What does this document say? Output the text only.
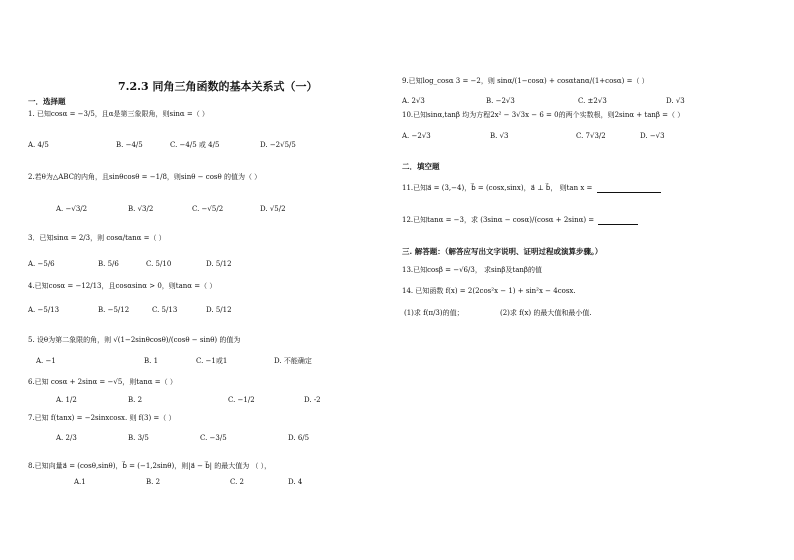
7.2.3 同角三角函数的基本关系式（一）
一．选择题
1. 已知cosα = −3/5，且α是第三象限角，则sinα =（ ）
A. 4/5	B. −4/5	C. −4/5 或 4/5	D. −2√5/5
2.若θ为△ABC的内角，且sinθcosθ = −1/8，则sinθ − cosθ 的值为（ ）
A. −√3/2	B. √3/2	C. −√5/2	D. √5/2
3．已知sinα = 2/3，则 cosα/tanα =（ ）
A. −5/6	B. 5/6	C. 5/10	D. 5/12
4.已知cosα = −12/13，且cosαsinα > 0，则tanα =（ ）
A. −5/13	B. −5/12	C. 5/13	D. 5/12
5. 设θ为第二象限的角，则 √(1−2sinθcosθ)/(cosθ − sinθ) 的值为
A. −1	B. 1	C. −1或1	D. 不能确定
6.已知 cosα + 2sinα = −√5，则tanα =（ ）
A. 1/2	B. 2	C. −1/2	D. -2
7.已知 f(tanx) = −2sinxcosx. 则 f(3) =（ ）
A. 2/3	B. 3/5	C. −3/5	D. 6/5
8.已知向量a⃗ = (cosθ,sinθ)，b⃗ = (−1,2sinθ)，则|a⃗ − b⃗| 的最大值为 （ ），
A.1	B. 2	C. 2	D. 4
9.已知log_cosα 3 = −2，则 sinα/(1−cosα) + cosαtanα/(1+cosα) =（ ）
A. 2√3	B. −2√3	C. ±2√3	D. √3
10.已知sinα,tanβ 均为方程2x² − 3√3x − 6 = 0的两个实数根，则2sinα + tanβ =（ ）
A. −2√3	B. √3	C. 7√3/2	D. −√3
二．填空题
11.已知a⃗ = (3,−4)，b⃗ = (cosx,sinx)，a⃗ ⊥ b⃗， 则tan x =
12.已知tanα = −3，求 (3sinα − cosα)/(cosα + 2sinα) =
三. 解答题：（解答应写出文字说明、证明过程或演算步骤。）
13.已知cosβ = −√6/3， 求sinβ及tanβ的值
14. 已知函数 f(x) = 2(2cos²x − 1) + sin²x − 4cosx.
(1)求 f(π/3)的值；	(2)求 f(x) 的最大值和最小值.
